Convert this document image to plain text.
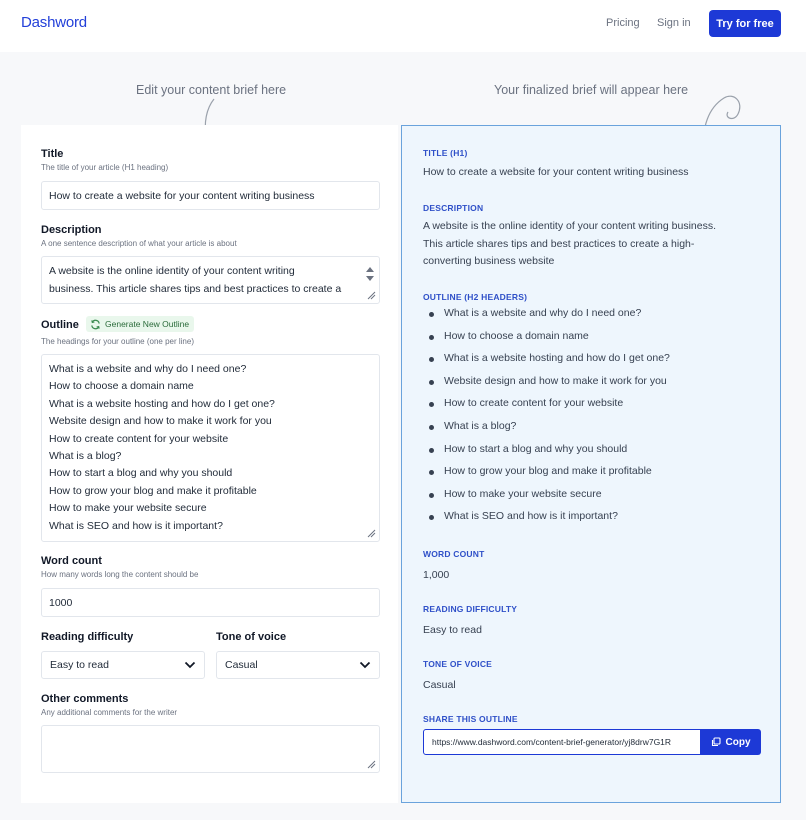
Dashword	Pricing Sign in	Try for free
Edit your content brief here	Your finalized brief will appear here
Title
The title of your article (H1 heading)
How to create a website for your content writing business
Description
A one sentence description of what your article is about
A website is the online identity of your content writing
business. This article shares tips and best practices to create a
Outline	Generate New Outline
The headings for your outline (one per line)
What is a website and why do I need one?
How to choose a domain name
What is a website hosting and how do I get one?
Website design and how to make it work for you
How to create content for your website
What is a blog?
How to start a blog and why you should
How to grow your blog and make it profitable
How to make your website secure
What is SEO and how is it important?
Word count
How many words long the content should be
1000
Reading difficulty
Easy to read
Tone of voice
Casual
Other comments
Any additional comments for the writer
TITLE (H1)
How to create a website for your content writing business
DESCRIPTION
A website is the online identity of your content writing business.
This article shares tips and best practices to create a high-
converting business website
OUTLINE (H2 HEADERS)
What is a website and why do I need one?
How to choose a domain name
What is a website hosting and how do I get one?
Website design and how to make it work for you
How to create content for your website
What is a blog?
How to start a blog and why you should
How to grow your blog and make it profitable
How to make your website secure
What is SEO and how is it important?
WORD COUNT
1,000
READING DIFFICULTY
Easy to read
TONE OF VOICE
Casual
SHARE THIS OUTLINE
https://www.dashword.com/content-brief-generator/yj8drw7G1R	Copy
